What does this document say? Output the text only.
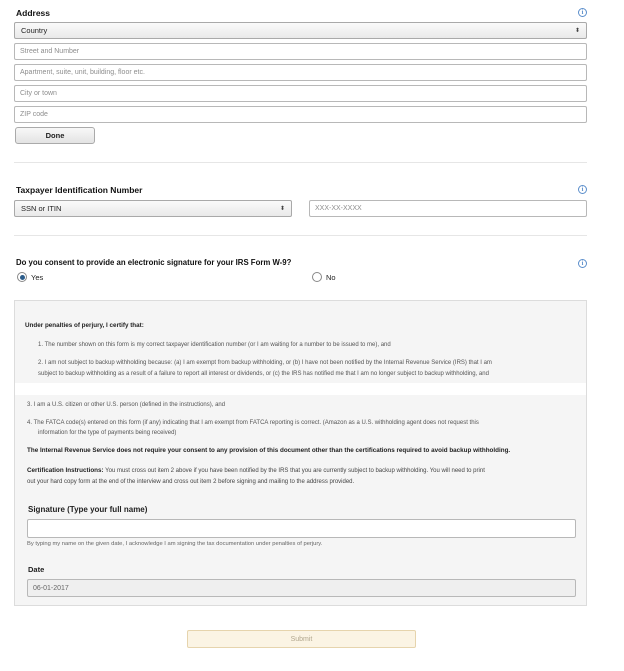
Address	i
Country	⬍
Street and Number
Apartment, suite, unit, building, floor etc.
City or town
ZIP code
Done
Taxpayer Identification Number	i
SSN or ITIN	⬍	XXX-XX-XXXX
Do you consent to provide an electronic signature for your IRS Form W-9?	i
Yes	No
Under penalties of perjury, I certify that:
1. The number shown on this form is my correct taxpayer identification number (or I am waiting for a number to be issued to me), and
2. I am not subject to backup withholding because: (a) I am exempt from backup withholding, or (b) I have not been notified by the Internal Revenue Service (IRS) that I am
subject to backup withholding as a result of a failure to report all interest or dividends, or (c) the IRS has notified me that I am no longer subject to backup withholding, and
3. I am a U.S. citizen or other U.S. person (defined in the instructions), and
4. The FATCA code(s) entered on this form (if any) indicating that I am exempt from FATCA reporting is correct. (Amazon as a U.S. withholding agent does not request this
information for the type of payments being received)
The Internal Revenue Service does not require your consent to any provision of this document other than the certifications required to avoid backup withholding.
Certification Instructions: You must cross out item 2 above if you have been notified by the IRS that you are currently subject to backup withholding. You will need to print
out your hard copy form at the end of the interview and cross out item 2 before signing and mailing to the address provided.
Signature (Type your full name)
By typing my name on the given date, I acknowledge I am signing the tax documentation under penalties of perjury.
Date
06-01-2017
Submit
